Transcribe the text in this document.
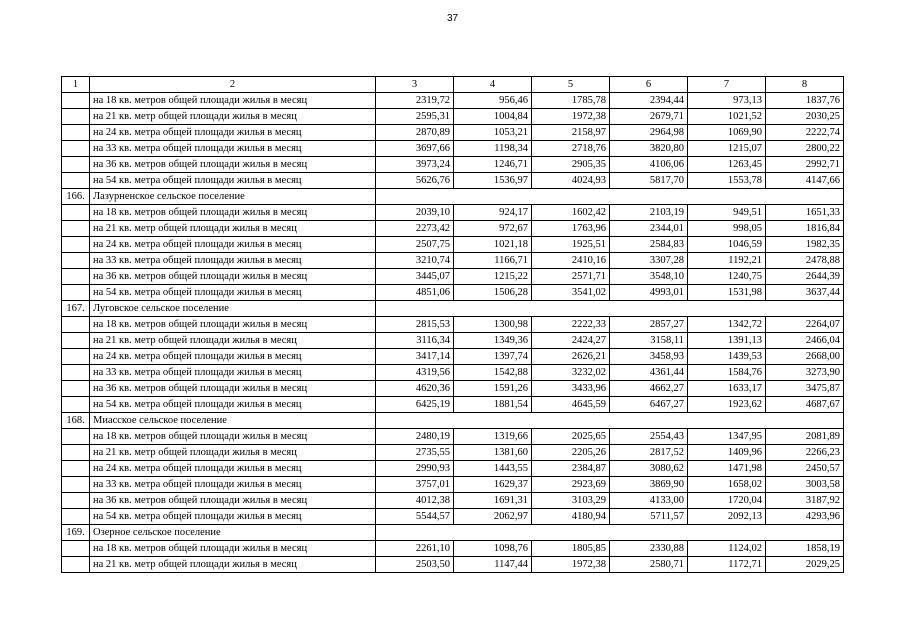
37
1	2	3	4	5	6	7	8
	на 18 кв. метров общей площади жилья в месяц	2319,72	956,46	1785,78	2394,44	973,13	1837,76
	на 21 кв. метр общей площади жилья в месяц	2595,31	1004,84	1972,38	2679,71	1021,52	2030,25
	на 24 кв. метра общей площади жилья в месяц	2870,89	1053,21	2158,97	2964,98	1069,90	2222,74
	на 33 кв. метра общей площади жилья в месяц	3697,66	1198,34	2718,76	3820,80	1215,07	2800,22
	на 36 кв. метров общей площади жилья в месяц	3973,24	1246,71	2905,35	4106,06	1263,45	2992,71
	на 54 кв. метра общей площади жилья в месяц	5626,76	1536,97	4024,93	5817,70	1553,78	4147,66
166.	Лазурненское сельское поселение						
	на 18 кв. метров общей площади жилья в месяц	2039,10	924,17	1602,42	2103,19	949,51	1651,33
	на 21 кв. метр общей площади жилья в месяц	2273,42	972,67	1763,96	2344,01	998,05	1816,84
	на 24 кв. метра общей площади жилья в месяц	2507,75	1021,18	1925,51	2584,83	1046,59	1982,35
	на 33 кв. метра общей площади жилья в месяц	3210,74	1166,71	2410,16	3307,28	1192,21	2478,88
	на 36 кв. метров общей площади жилья в месяц	3445,07	1215,22	2571,71	3548,10	1240,75	2644,39
	на 54 кв. метра общей площади жилья в месяц	4851,06	1506,28	3541,02	4993,01	1531,98	3637,44
167.	Луговское сельское поселение						
	на 18 кв. метров общей площади жилья в месяц	2815,53	1300,98	2222,33	2857,27	1342,72	2264,07
	на 21 кв. метр общей площади жилья в месяц	3116,34	1349,36	2424,27	3158,11	1391,13	2466,04
	на 24 кв. метра общей площади жилья в месяц	3417,14	1397,74	2626,21	3458,93	1439,53	2668,00
	на 33 кв. метра общей площади жилья в месяц	4319,56	1542,88	3232,02	4361,44	1584,76	3273,90
	на 36 кв. метров общей площади жилья в месяц	4620,36	1591,26	3433,96	4662,27	1633,17	3475,87
	на 54 кв. метра общей площади жилья в месяц	6425,19	1881,54	4645,59	6467,27	1923,62	4687,67
168.	Миасское сельское поселение						
	на 18 кв. метров общей площади жилья в месяц	2480,19	1319,66	2025,65	2554,43	1347,95	2081,89
	на 21 кв. метр общей площади жилья в месяц	2735,55	1381,60	2205,26	2817,52	1409,96	2266,23
	на 24 кв. метра общей площади жилья в месяц	2990,93	1443,55	2384,87	3080,62	1471,98	2450,57
	на 33 кв. метра общей площади жилья в месяц	3757,01	1629,37	2923,69	3869,90	1658,02	3003,58
	на 36 кв. метров общей площади жилья в месяц	4012,38	1691,31	3103,29	4133,00	1720,04	3187,92
	на 54 кв. метра общей площади жилья в месяц	5544,57	2062,97	4180,94	5711,57	2092,13	4293,96
169.	Озерное сельское поселение						
	на 18 кв. метров общей площади жилья в месяц	2261,10	1098,76	1805,85	2330,88	1124,02	1858,19
	на 21 кв. метр общей площади жилья в месяц	2503,50	1147,44	1972,38	2580,71	1172,71	2029,25
